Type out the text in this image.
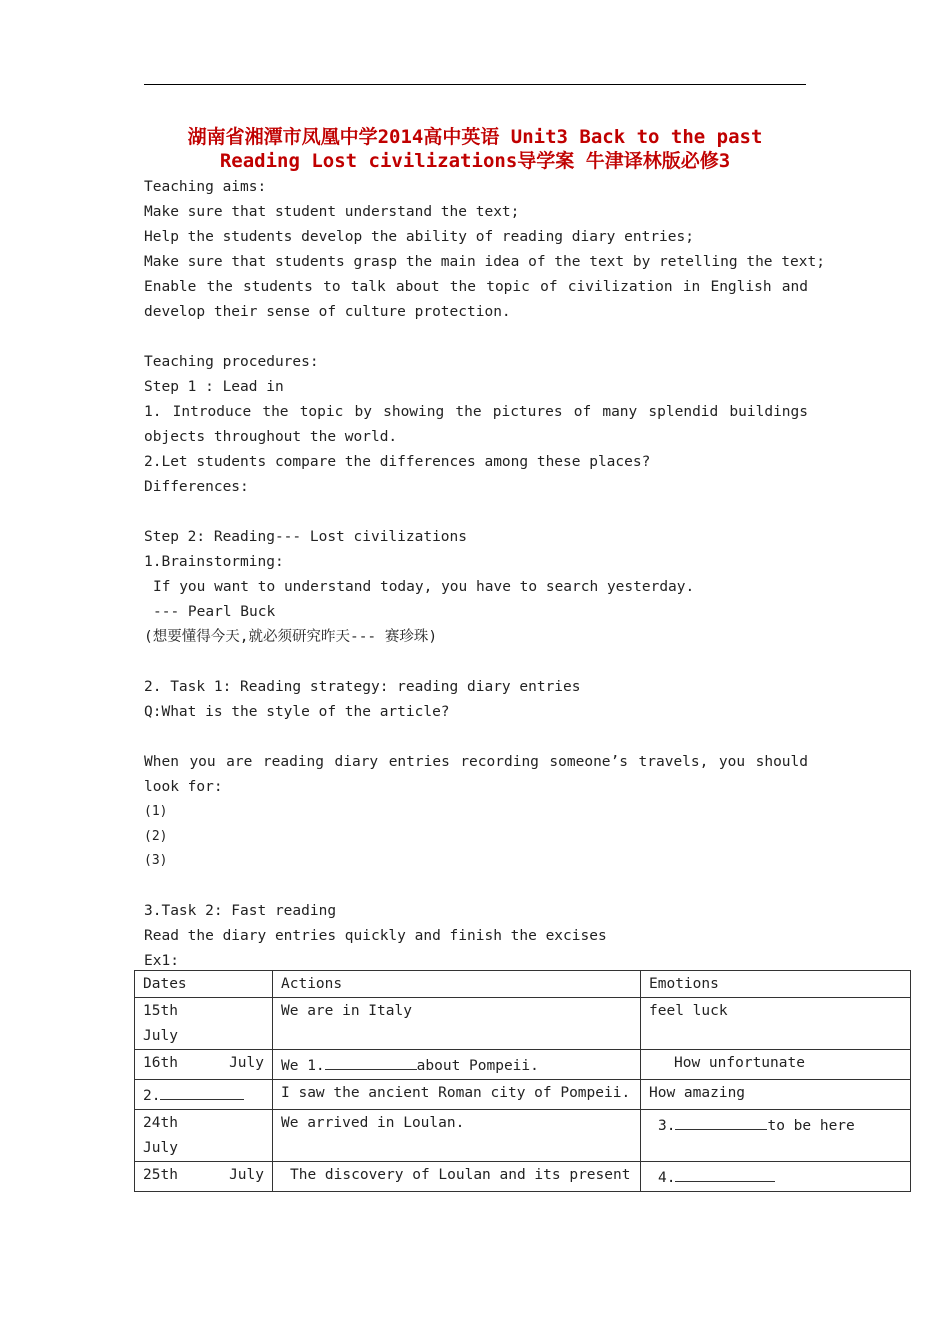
湖南省湘潭市凤凰中学2014高中英语 Unit3 Back to the past
Reading Lost civilizations导学案 牛津译林版必修3
Teaching aims:
Make sure that student understand the text;
Help the students develop the ability of reading diary entries;
Make sure that students grasp the main idea of the text by retelling the text;
Enable the students to talk about the topic of civilization in English and
develop their sense of culture protection.
Teaching procedures:
Step 1 : Lead in
1. Introduce the topic by showing the pictures of many splendid buildings
objects throughout the world.
2.Let students compare the differences among these places?
Differences:
Step 2: Reading--- Lost civilizations
1.Brainstorming:
If you want to understand today, you have to search yesterday.
--- Pearl Buck
(想要懂得今天,就必须研究昨天--- 赛珍珠)
2. Task 1: Reading strategy: reading diary entries
Q:What is the style of the article?
When you are reading diary entries recording someone’s travels, you should
look for:
(1)
(2)
(3)
3.Task 2: Fast reading
Read the diary entries quickly and finish the excises
Ex1:
Dates	Actions	Emotions

15th July	We are in Italy	feel luck
16th July	We 1. about Pompeii.	How unfortunate
2.	I saw the ancient Roman city of Pompeii.	How amazing

24th July	We arrived in Loulan.	3. to be here
25th July	The discovery of Loulan and its present	4.
